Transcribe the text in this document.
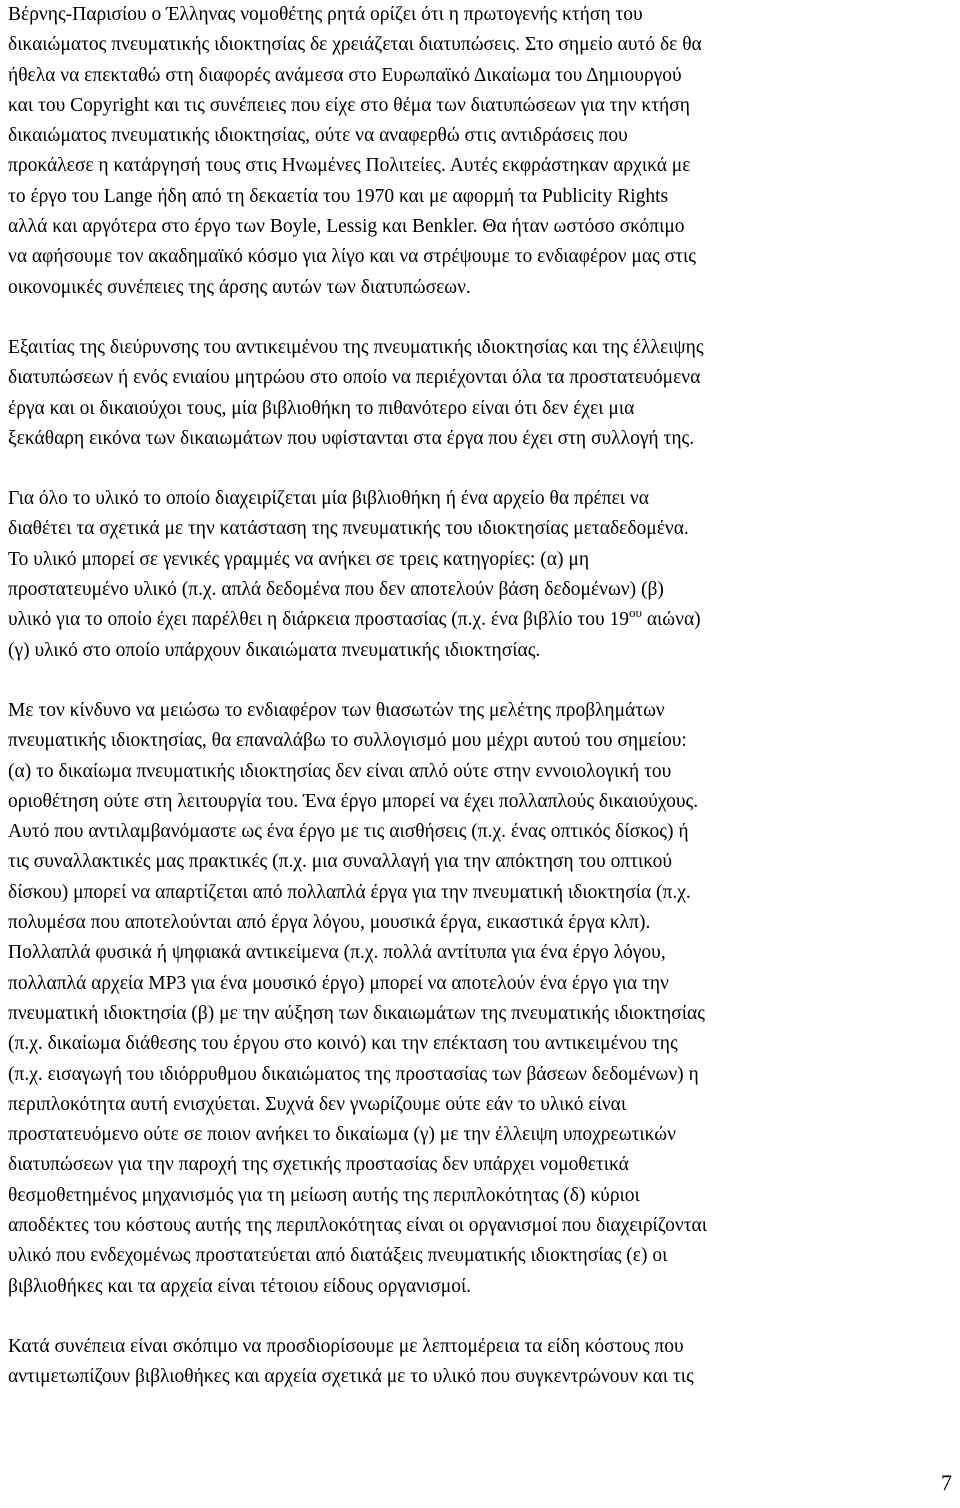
Βέρνης-Παρισίου ο Έλληνας νομοθέτης ρητά ορίζει ότι η πρωτογενής κτήση του
δικαιώματος πνευματικής ιδιοκτησίας δε χρειάζεται διατυπώσεις. Στο σημείο αυτό δε θα
ήθελα να επεκταθώ στη διαφορές ανάμεσα στο Ευρωπαϊκό Δικαίωμα του Δημιουργού
και του Copyright και τις συνέπειες που είχε στο θέμα των διατυπώσεων για την κτήση
δικαιώματος πνευματικής ιδιοκτησίας, ούτε να αναφερθώ στις αντιδράσεις που
προκάλεσε η κατάργησή τους στις Ηνωμένες Πολιτείες. Αυτές εκφράστηκαν αρχικά με
το έργο του Lange ήδη από τη δεκαετία του 1970 και με αφορμή τα Publicity Rights
αλλά και αργότερα στο έργο των Boyle, Lessig και Benkler. Θα ήταν ωστόσο σκόπιμο
να αφήσουμε τον ακαδημαϊκό κόσμο για λίγο και να στρέψουμε το ενδιαφέρον μας στις
οικονομικές συνέπειες της άρσης αυτών των διατυπώσεων.

Εξαιτίας της διεύρυνσης του αντικειμένου της πνευματικής ιδιοκτησίας και της έλλειψης
διατυπώσεων ή ενός ενιαίου μητρώου στο οποίο να περιέχονται όλα τα προστατευόμενα
έργα και οι δικαιούχοι τους, μία βιβλιοθήκη το πιθανότερο είναι ότι δεν έχει μια
ξεκάθαρη εικόνα των δικαιωμάτων που υφίστανται στα έργα που έχει στη συλλογή της.

Για όλο το υλικό το οποίο διαχειρίζεται μία βιβλιοθήκη ή ένα αρχείο θα πρέπει να
διαθέτει τα σχετικά με την κατάσταση της πνευματικής του ιδιοκτησίας μεταδεδομένα.
Το υλικό μπορεί σε γενικές γραμμές να ανήκει σε τρεις κατηγορίες: (α) μη
προστατευμένο υλικό (π.χ. απλά δεδομένα που δεν αποτελούν βάση δεδομένων) (β)
υλικό για το οποίο έχει παρέλθει η διάρκεια προστασίας (π.χ. ένα βιβλίο του $19^{o\upsilon}$ αιώνα)
(γ) υλικό στο οποίο υπάρχουν δικαιώματα πνευματικής ιδιοκτησίας.

Με τον κίνδυνο να μειώσω το ενδιαφέρον των θιασωτών της μελέτης προβλημάτων
πνευματικής ιδιοκτησίας, θα επαναλάβω το συλλογισμό μου μέχρι αυτού του σημείου:
(α) το δικαίωμα πνευματικής ιδιοκτησίας δεν είναι απλό ούτε στην εννοιολογική του
οριοθέτηση ούτε στη λειτουργία του. Ένα έργο μπορεί να έχει πολλαπλούς δικαιούχους.
Αυτό που αντιλαμβανόμαστε ως ένα έργο με τις αισθήσεις (π.χ. ένας οπτικός δίσκος) ή
τις συναλλακτικές μας πρακτικές (π.χ. μια συναλλαγή για την απόκτηση του οπτικού
δίσκου) μπορεί να απαρτίζεται από πολλαπλά έργα για την πνευματική ιδιοκτησία (π.χ.
πολυμέσα που αποτελούνται από έργα λόγου, μουσικά έργα, εικαστικά έργα κλπ).
Πολλαπλά φυσικά ή ψηφιακά αντικείμενα (π.χ. πολλά αντίτυπα για ένα έργο λόγου,
πολλαπλά αρχεία MP3 για ένα μουσικό έργο) μπορεί να αποτελούν ένα έργο για την
πνευματική ιδιοκτησία (β) με την αύξηση των δικαιωμάτων της πνευματικής ιδιοκτησίας
(π.χ. δικαίωμα διάθεσης του έργου στο κοινό) και την επέκταση του αντικειμένου της
(π.χ. εισαγωγή του ιδιόρρυθμου δικαιώματος της προστασίας των βάσεων δεδομένων) η
περιπλοκότητα αυτή ενισχύεται. Συχνά δεν γνωρίζουμε ούτε εάν το υλικό είναι
προστατευόμενο ούτε σε ποιον ανήκει το δικαίωμα (γ) με την έλλειψη υποχρεωτικών
διατυπώσεων για την παροχή της σχετικής προστασίας δεν υπάρχει νομοθετικά
θεσμοθετημένος μηχανισμός για τη μείωση αυτής της περιπλοκότητας (δ) κύριοι
αποδέκτες του κόστους αυτής της περιπλοκότητας είναι οι οργανισμοί που διαχειρίζονται
υλικό που ενδεχομένως προστατεύεται από διατάξεις πνευματικής ιδιοκτησίας (ε) οι
βιβλιοθήκες και τα αρχεία είναι τέτοιου είδους οργανισμοί.

Κατά συνέπεια είναι σκόπιμο να προσδιορίσουμε με λεπτομέρεια τα είδη κόστους που
αντιμετωπίζουν βιβλιοθήκες και αρχεία σχετικά με το υλικό που συγκεντρώνουν και τις

7
